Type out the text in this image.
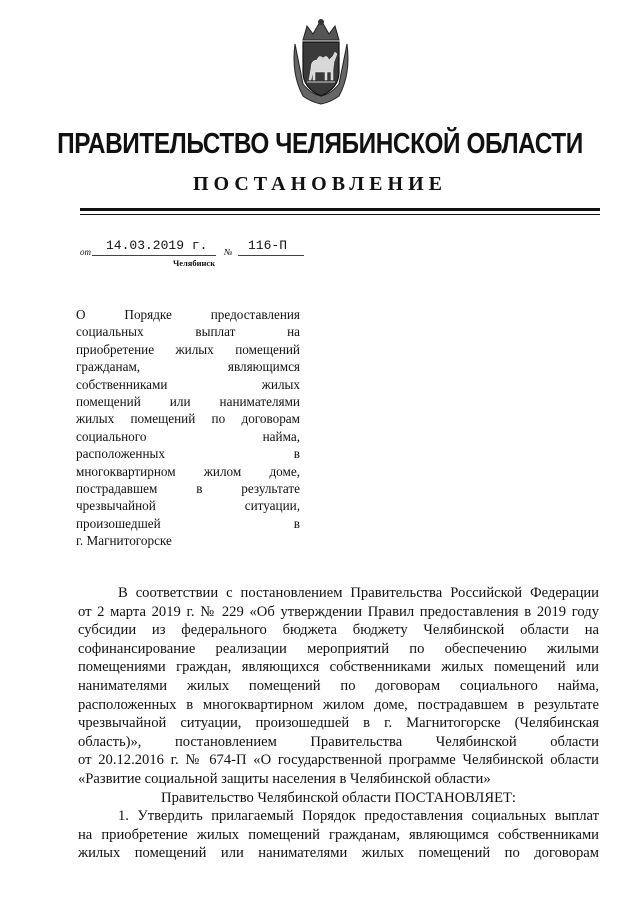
ПРАВИТЕЛЬСТВО ЧЕЛЯБИНСКОЙ ОБЛАСТИ
ПОСТАНОВЛЕНИЕ
от 14.03.2019 г. № 116-П
Челябинск
О Порядке предоставления
социальных выплат на
приобретение жилых помещений
гражданам, являющимся
собственниками жилых
помещений или нанимателями
жилых помещений по договорам
социального найма,
расположенных в
многоквартирном жилом доме,
пострадавшем в результате
чрезвычайной ситуации,
произошедшей в
г. Магнитогорске
В соответствии с постановлением Правительства Российской Федерации
от 2 марта 2019 г. № 229 «Об утверждении Правил предоставления в 2019 году
субсидии из федерального бюджета бюджету Челябинской области на
софинансирование реализации мероприятий по обеспечению жилыми
помещениями граждан, являющихся собственниками жилых помещений или
нанимателями жилых помещений по договорам социального найма,
расположенных в многоквартирном жилом доме, пострадавшем в результате
чрезвычайной ситуации, произошедшей в г. Магнитогорске (Челябинская
область)», постановлением Правительства Челябинской области
от 20.12.2016 г. № 674-П «О государственной программе Челябинской области
«Развитие социальной защиты населения в Челябинской области»
Правительство Челябинской области ПОСТАНОВЛЯЕТ:
1. Утвердить прилагаемый Порядок предоставления социальных выплат
на приобретение жилых помещений гражданам, являющимся собственниками
жилых помещений или нанимателями жилых помещений по договорам
